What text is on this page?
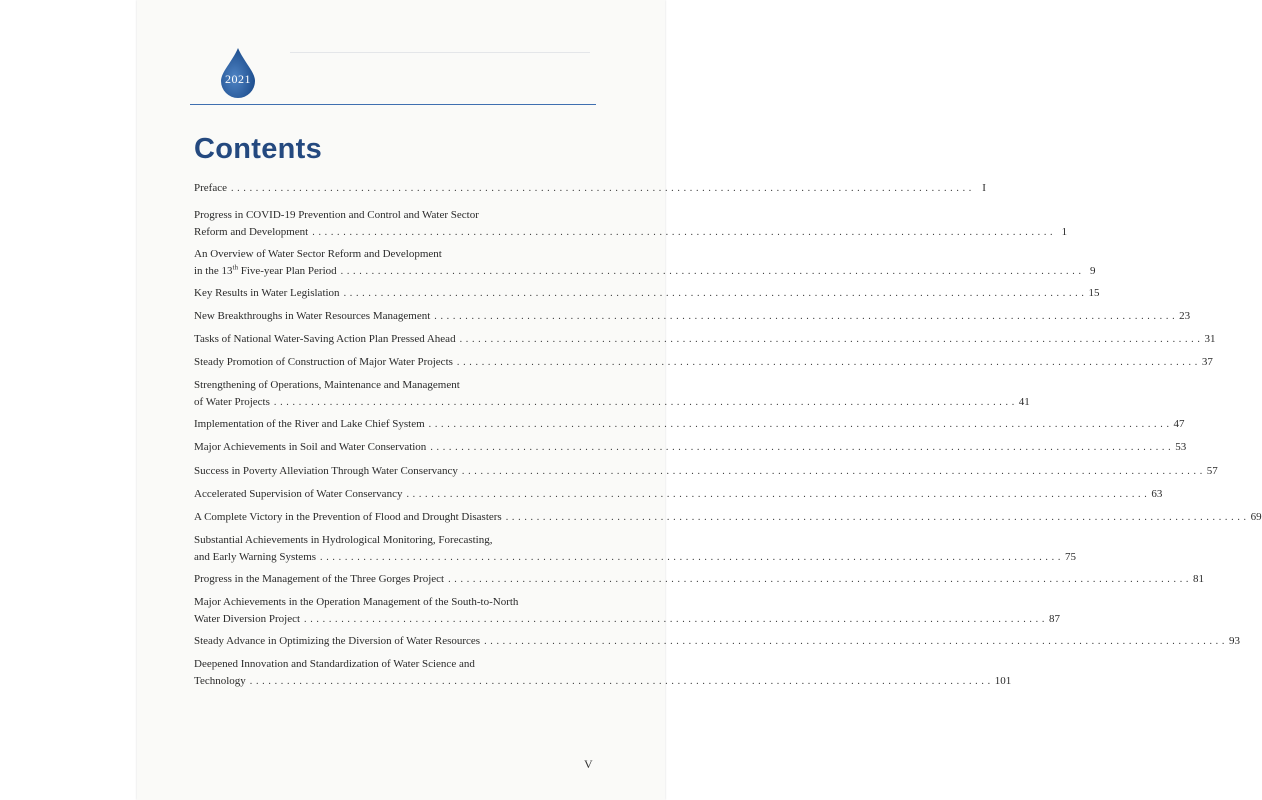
2021
Contents
Preface . . . . . . . . . . . . . . . . . . . . . . . . . . . . . . . . . . . . . . . . . . . . . . . . . . . . . . . . . . . . . . . . . . . . . . . . . . . . . . . . . . . . . . . . . . . . . . . . . . . . . . . . . . . . . . . . . . . . . . . . I
Progress in COVID-19 Prevention and Control and Water Sector
Reform and Development . . . . . . . . . . . . . . . . . . . . . . . . . . . . . . . . . . . . . . . . . . . . . . . . . . . . . . . . . . . . . . . . . . . . . . . . . . . . . . . . . . . . . . . . . . . . . . . . . . . . . . . . . . . . . . . . . . . . . . . . 1
An Overview of Water Sector Reform and Development
in the 13th Five-year Plan Period . . . . . . . . . . . . . . . . . . . . . . . . . . . . . . . . . . . . . . . . . . . . . . . . . . . . . . . . . . . . . . . . . . . . . . . . . . . . . . . . . . . . . . . . . . . . . . . . . . . . . . . . . . . . . . . . . . . . . . . . 9
Key Results in Water Legislation . . . . . . . . . . . . . . . . . . . . . . . . . . . . . . . . . . . . . . . . . . . . . . . . . . . . . . . . . . . . . . . . . . . . . . . . . . . . . . . . . . . . . . . . . . . . . . . . . . . . . . . . . . . . . . . . . . . . . . . . 15
New Breakthroughs in Water Resources Management . . . . . . . . . . . . . . . . . . . . . . . . . . . . . . . . . . . . . . . . . . . . . . . . . . . . . . . . . . . . . . . . . . . . . . . . . . . . . . . . . . . . . . . . . . . . . . . . . . . . . . . . . . . . . . . . . . . . . . . . 23
Tasks of National Water-Saving Action Plan Pressed Ahead . . . . . . . . . . . . . . . . . . . . . . . . . . . . . . . . . . . . . . . . . . . . . . . . . . . . . . . . . . . . . . . . . . . . . . . . . . . . . . . . . . . . . . . . . . . . . . . . . . . . . . . . . . . . . . . . . . . . . . . . 31
Steady Promotion of Construction of Major Water Projects . . . . . . . . . . . . . . . . . . . . . . . . . . . . . . . . . . . . . . . . . . . . . . . . . . . . . . . . . . . . . . . . . . . . . . . . . . . . . . . . . . . . . . . . . . . . . . . . . . . . . . . . . . . . . . . . . . . . . . . . 37
Strengthening of Operations, Maintenance and Management
of Water Projects . . . . . . . . . . . . . . . . . . . . . . . . . . . . . . . . . . . . . . . . . . . . . . . . . . . . . . . . . . . . . . . . . . . . . . . . . . . . . . . . . . . . . . . . . . . . . . . . . . . . . . . . . . . . . . . . . . . . . . . . 41
Implementation of the River and Lake Chief System . . . . . . . . . . . . . . . . . . . . . . . . . . . . . . . . . . . . . . . . . . . . . . . . . . . . . . . . . . . . . . . . . . . . . . . . . . . . . . . . . . . . . . . . . . . . . . . . . . . . . . . . . . . . . . . . . . . . . . . . 47
Major Achievements in Soil and Water Conservation . . . . . . . . . . . . . . . . . . . . . . . . . . . . . . . . . . . . . . . . . . . . . . . . . . . . . . . . . . . . . . . . . . . . . . . . . . . . . . . . . . . . . . . . . . . . . . . . . . . . . . . . . . . . . . . . . . . . . . . . 53
Success in Poverty Alleviation Through Water Conservancy . . . . . . . . . . . . . . . . . . . . . . . . . . . . . . . . . . . . . . . . . . . . . . . . . . . . . . . . . . . . . . . . . . . . . . . . . . . . . . . . . . . . . . . . . . . . . . . . . . . . . . . . . . . . . . . . . . . . . . . . 57
Accelerated Supervision of Water Conservancy . . . . . . . . . . . . . . . . . . . . . . . . . . . . . . . . . . . . . . . . . . . . . . . . . . . . . . . . . . . . . . . . . . . . . . . . . . . . . . . . . . . . . . . . . . . . . . . . . . . . . . . . . . . . . . . . . . . . . . . . 63
A Complete Victory in the Prevention of Flood and Drought Disasters . . . . . . . . . . . . . . . . . . . . . . . . . . . . . . . . . . . . . . . . . . . . . . . . . . . . . . . . . . . . . . . . . . . . . . . . . . . . . . . . . . . . . . . . . . . . . . . . . . . . . . . . . . . . . . . . . . . . . . . . 69
Substantial Achievements in Hydrological Monitoring, Forecasting,
and Early Warning Systems . . . . . . . . . . . . . . . . . . . . . . . . . . . . . . . . . . . . . . . . . . . . . . . . . . . . . . . . . . . . . . . . . . . . . . . . . . . . . . . . . . . . . . . . . . . . . . . . . . . . . . . . . . . . . . . . . . . . . . . . 75
Progress in the Management of the Three Gorges Project . . . . . . . . . . . . . . . . . . . . . . . . . . . . . . . . . . . . . . . . . . . . . . . . . . . . . . . . . . . . . . . . . . . . . . . . . . . . . . . . . . . . . . . . . . . . . . . . . . . . . . . . . . . . . . . . . . . . . . . . 81
Major Achievements in the Operation Management of the South-to-North
Water Diversion Project . . . . . . . . . . . . . . . . . . . . . . . . . . . . . . . . . . . . . . . . . . . . . . . . . . . . . . . . . . . . . . . . . . . . . . . . . . . . . . . . . . . . . . . . . . . . . . . . . . . . . . . . . . . . . . . . . . . . . . . . 87
Steady Advance in Optimizing the Diversion of Water Resources . . . . . . . . . . . . . . . . . . . . . . . . . . . . . . . . . . . . . . . . . . . . . . . . . . . . . . . . . . . . . . . . . . . . . . . . . . . . . . . . . . . . . . . . . . . . . . . . . . . . . . . . . . . . . . . . . . . . . . . . 93
Deepened Innovation and Standardization of Water Science and
Technology . . . . . . . . . . . . . . . . . . . . . . . . . . . . . . . . . . . . . . . . . . . . . . . . . . . . . . . . . . . . . . . . . . . . . . . . . . . . . . . . . . . . . . . . . . . . . . . . . . . . . . . . . . . . . . . . . . . . . . . . 101
V
